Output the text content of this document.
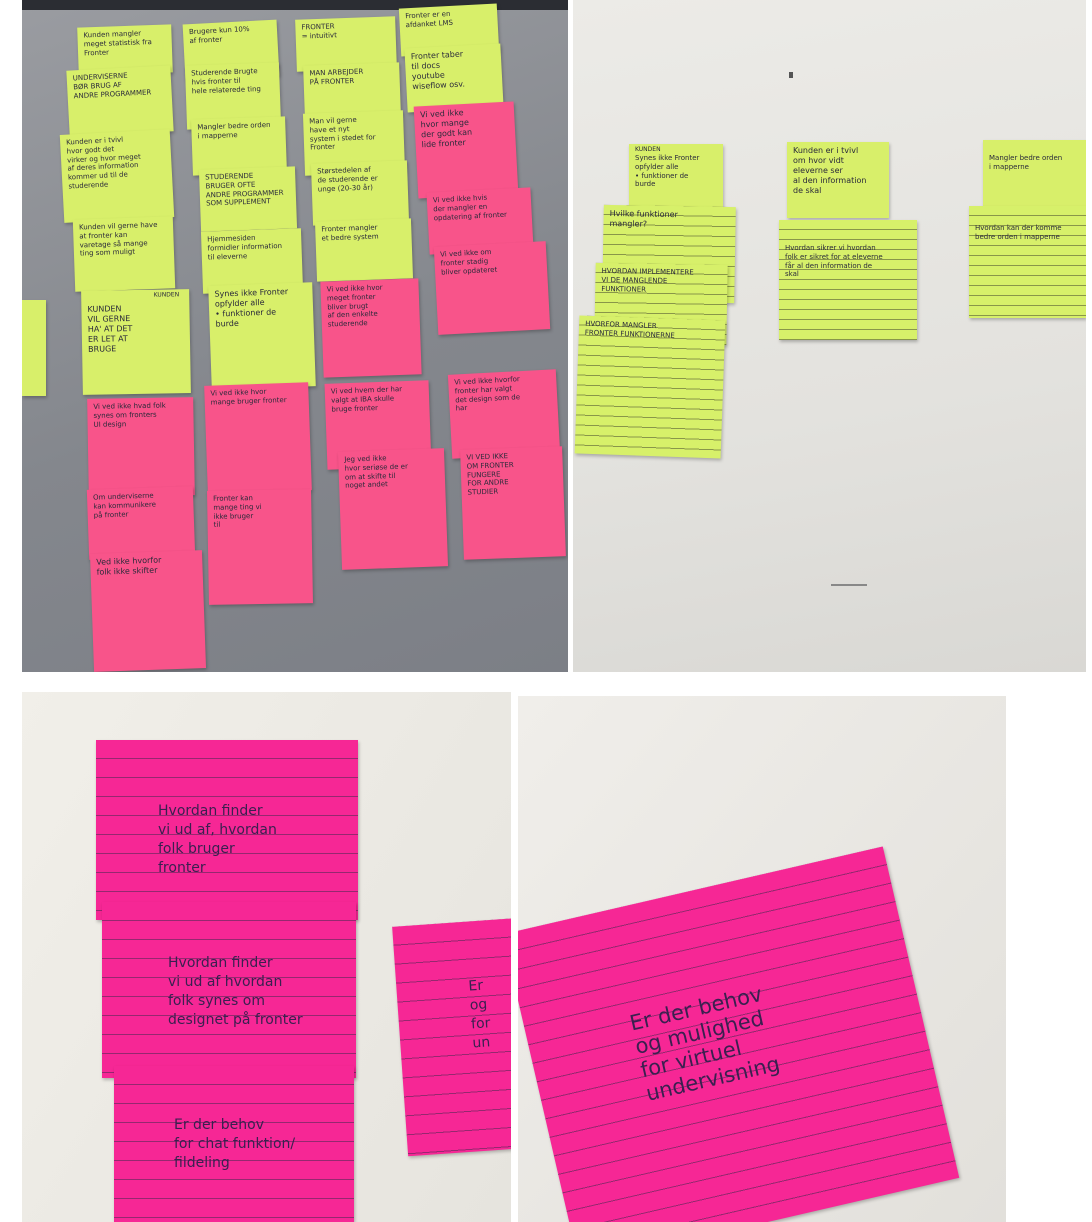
Kunden mangler
meget statistisk fra
Fronter
UNDERVISERNE
BØR BRUG AF
ANDRE PROGRAMMER
Kunden er i tvivl
hvor godt det
virker og hvor meget
af deres information
kommer ud til de
studerende
Kunden vil gerne have
at fronter kan
varetage så mange
ting som muligt
KUNDEN
KUNDEN
VIL GERNE
HA' AT DET
ER LET AT
BRUGE
Vi ved ikke hvad folk
synes om fronters
UI design
Om underviserne
kan kommunikere
på fronter
Ved ikke hvorfor
folk ikke skifter
Brugere kun 10%
af fronter
Studerende Brugte
hvis fronter til
hele relaterede ting
Mangler bedre orden
i mapperne
STUDERENDE
BRUGER OFTE
ANDRE PROGRAMMER
SOM SUPPLEMENT
Hjemmesiden
formidler information
til eleverne
Synes ikke Fronter
opfylder alle
• funktioner de
burde
Vi ved ikke hvor
mange bruger fronter
Fronter kan
mange ting vi
ikke bruger
til
FRONTER
= intuitivt
MAN ARBEJDER
PÅ FRONTER
Man vil gerne
have et nyt
system i stedet for
Fronter
Størstedelen af
de studerende er
unge (20-30 år)
Fronter mangler
et bedre system
Vi ved ikke hvor
meget fronter
bliver brugt
af den enkelte
studerende
Vi ved hvem der har
valgt at IBA skulle
bruge fronter
Jeg ved ikke
hvor seriøse de er
om at skifte til
noget andet
Fronter er en
afdanket LMS
Fronter taber
til docs
youtube
wiseflow osv.
Vi ved ikke
hvor mange
der godt kan
lide fronter
Vi ved ikke hvis
der mangler en
opdatering af fronter
Vi ved ikke om
fronter stadig
bliver opdateret
Vi ved ikke hvorfor
fronter har valgt
det design som de
har
VI VED IKKE
OM FRONTER
FUNGERE
FOR ANDRE
STUDIER
KUNDEN
Synes ikke Fronter
opfylder alle
• funktioner de
burde
Hvilke funktioner
mangler?
HVORDAN IMPLEMENTERE
VI DE MANGLENDE
FUNKTIONER
HVORFOR MANGLER
FRONTER FUNKTIONERNE
Kunden er i tvivl
om hvor vidt
eleverne ser
al den information
de skal
Hvordan sikrer vi hvordan
folk er sikret for at eleverne
får al den information de
skal
Mangler bedre orden
i mapperne
Hvordan kan der komme
bedre orden i mapperne
Hvordan finder
vi ud af, hvordan
folk bruger
fronter
Hvordan finder
vi ud af hvordan
folk synes om
designet på fronter
Er der behov
for chat funktion/
fildeling
Er
og
for
un
Er der behov
og mulighed
for virtuel
undervisning
